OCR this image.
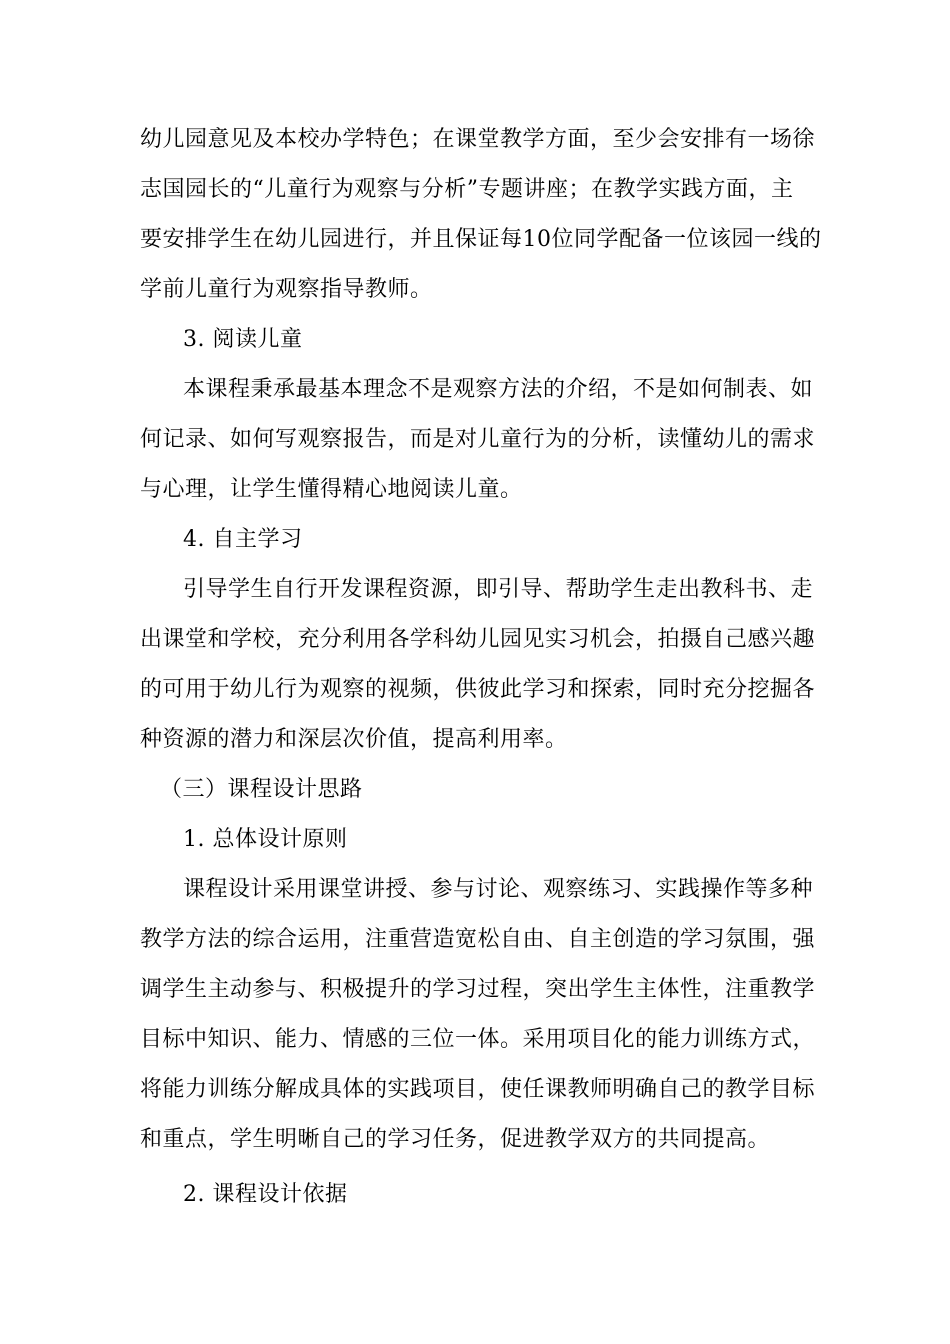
幼儿园意见及本校办学特色；在课堂教学方面，至少会安排有一场徐
志国园长的“儿童行为观察与分析”专题讲座；在教学实践方面，主
要安排学生在幼儿园进行，并且保证每10位同学配备一位该园一线的
学前儿童行为观察指导教师。
3. 阅读儿童
本课程秉承最基本理念不是观察方法的介绍，不是如何制表、如
何记录、如何写观察报告，而是对儿童行为的分析，读懂幼儿的需求
与心理，让学生懂得精心地阅读儿童。
4. 自主学习
引导学生自行开发课程资源，即引导、帮助学生走出教科书、走
出课堂和学校，充分利用各学科幼儿园见实习机会，拍摄自己感兴趣
的可用于幼儿行为观察的视频，供彼此学习和探索，同时充分挖掘各
种资源的潜力和深层次价值，提高利用率。
（三）课程设计思路
1. 总体设计原则
课程设计采用课堂讲授、参与讨论、观察练习、实践操作等多种
教学方法的综合运用，注重营造宽松自由、自主创造的学习氛围，强
调学生主动参与、积极提升的学习过程，突出学生主体性，注重教学
目标中知识、能力、情感的三位一体。采用项目化的能力训练方式，
将能力训练分解成具体的实践项目，使任课教师明确自己的教学目标
和重点，学生明晰自己的学习任务，促进教学双方的共同提高。
2. 课程设计依据
